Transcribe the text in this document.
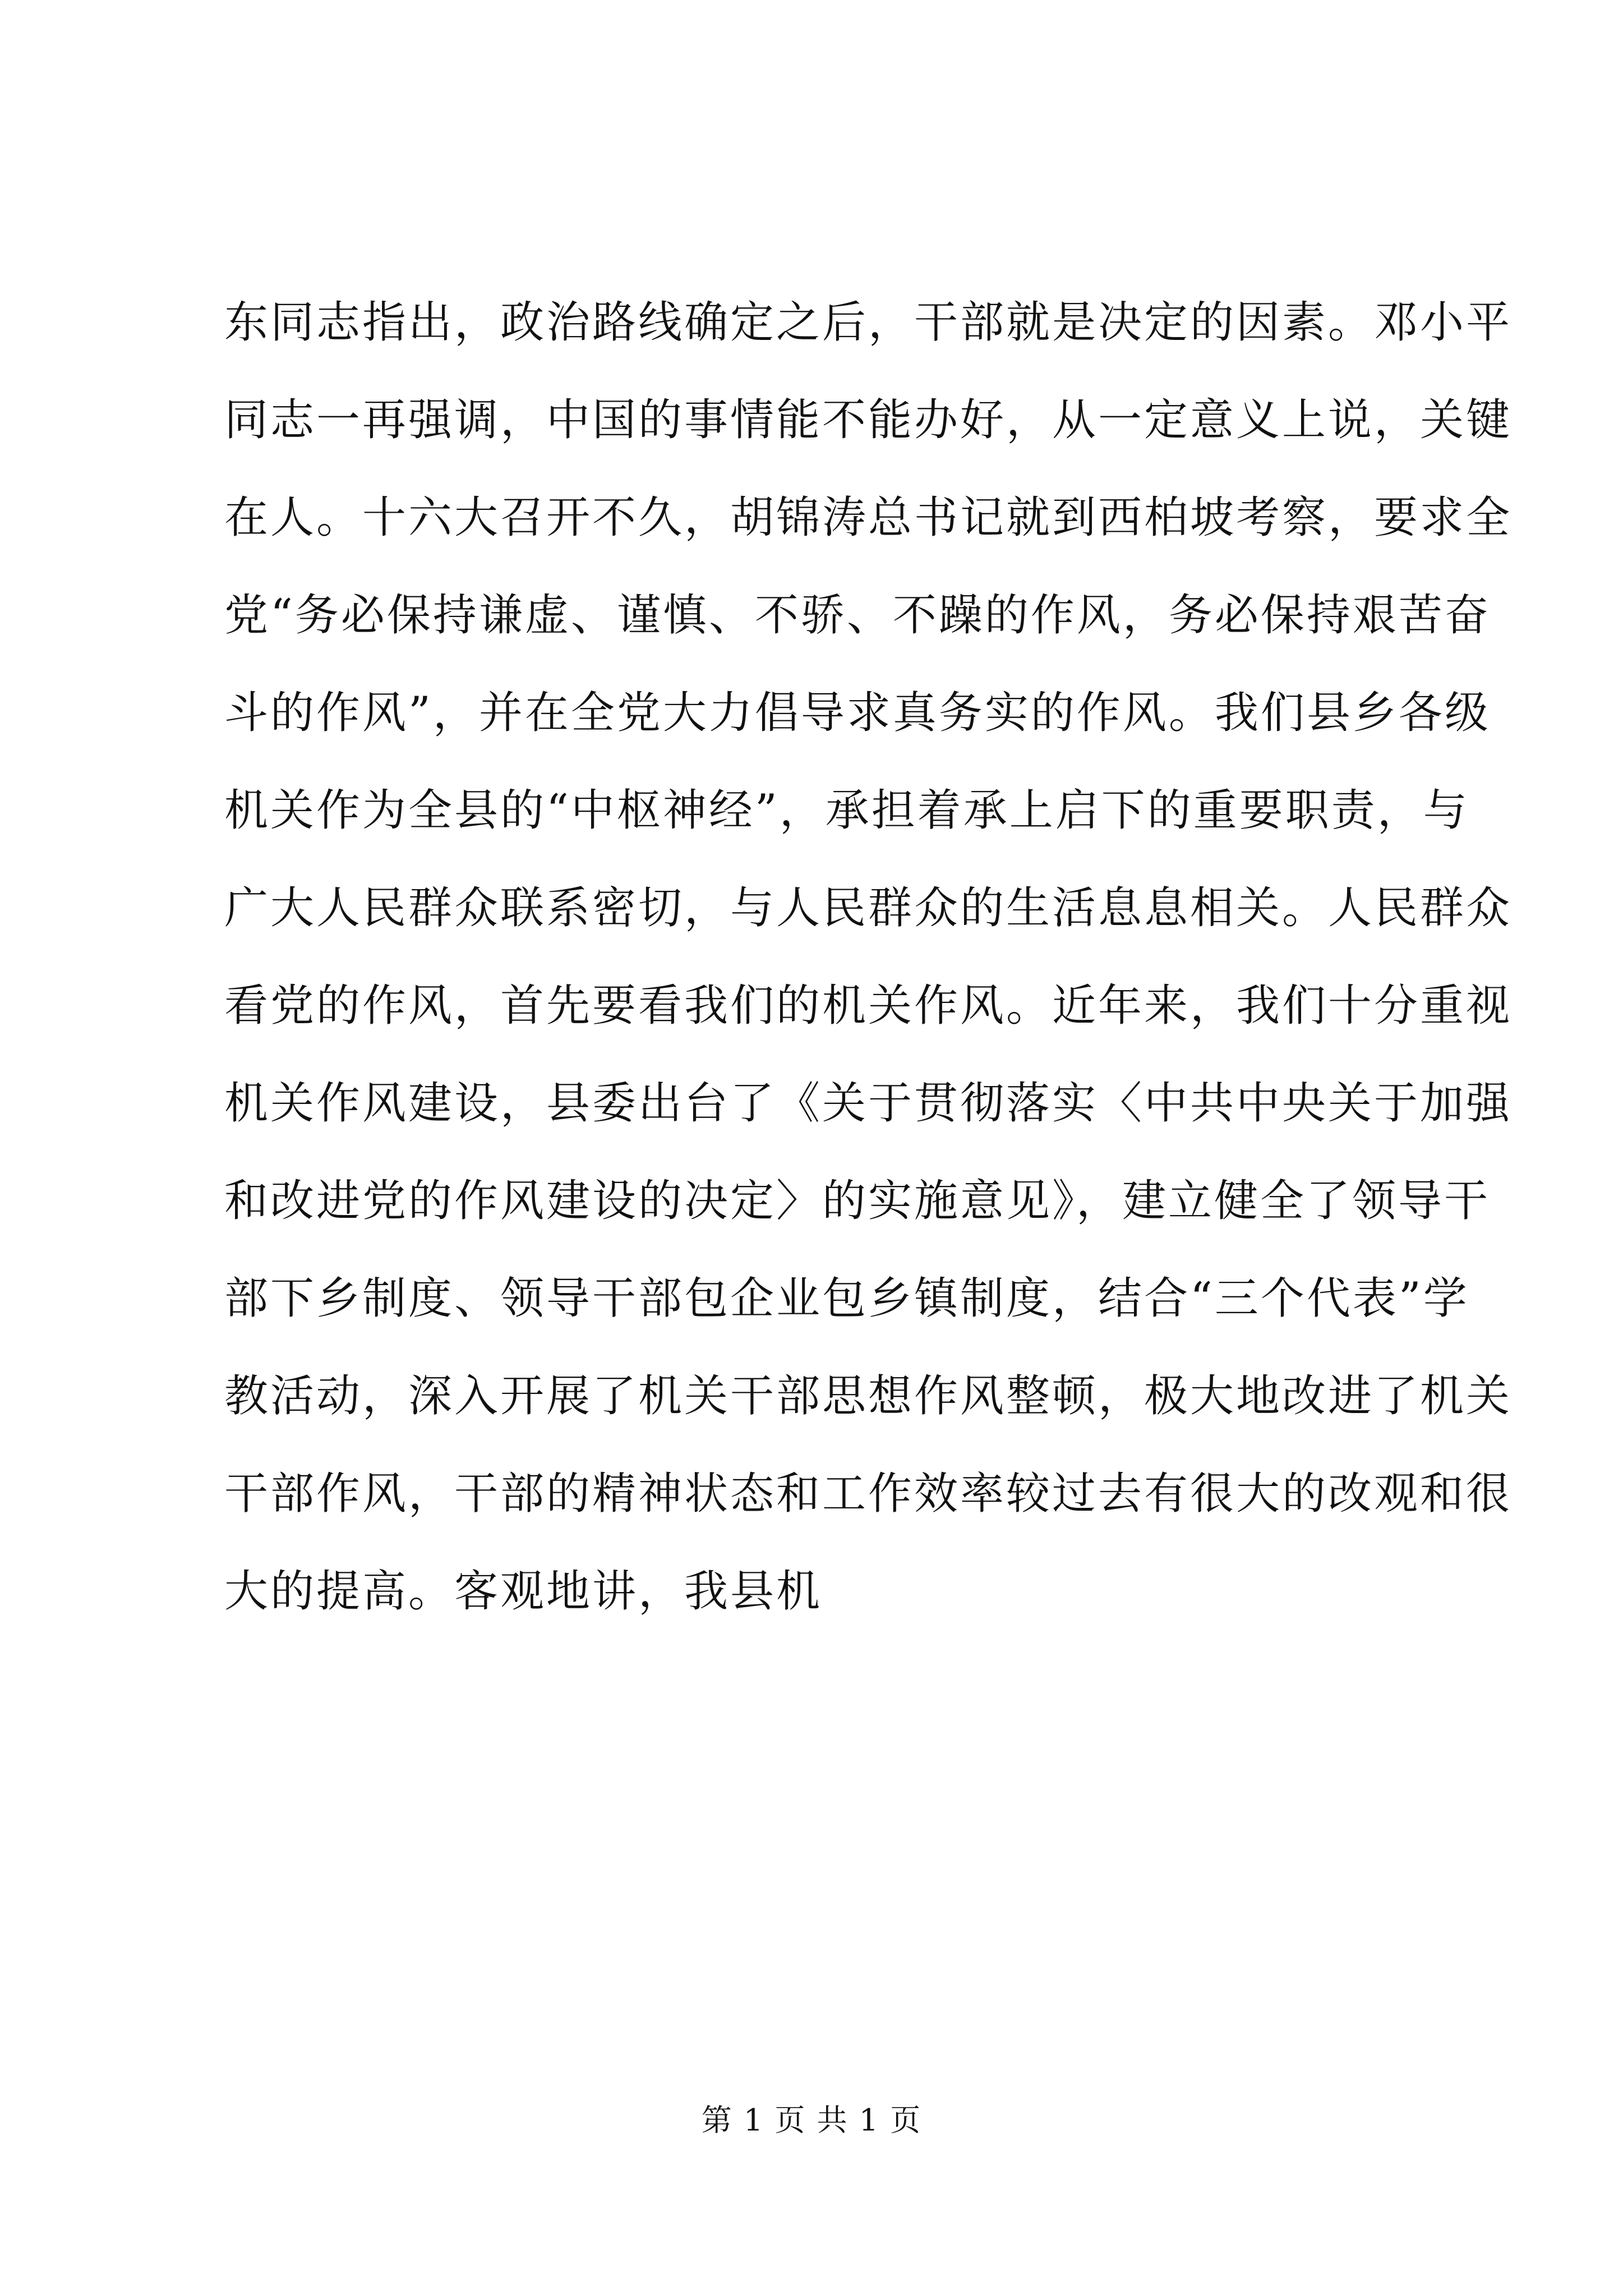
东同志指出，政治路线确定之后，干部就是决定的因素。邓小平
同志一再强调，中国的事情能不能办好，从一定意义上说，关键
在人。十六大召开不久，胡锦涛总书记就到西柏坡考察，要求全
党“务必保持谦虚、谨慎、不骄、不躁的作风，务必保持艰苦奋
斗的作风”，并在全党大力倡导求真务实的作风。我们县乡各级
机关作为全县的“中枢神经”，承担着承上启下的重要职责，与
广大人民群众联系密切，与人民群众的生活息息相关。人民群众
看党的作风，首先要看我们的机关作风。近年来，我们十分重视
机关作风建设，县委出台了《关于贯彻落实〈中共中央关于加强
和改进党的作风建设的决定〉的实施意见》，建立健全了领导干
部下乡制度、领导干部包企业包乡镇制度，结合“三个代表”学
教活动，深入开展了机关干部思想作风整顿，极大地改进了机关
干部作风，干部的精神状态和工作效率较过去有很大的改观和很
大的提高。客观地讲，我县机
第 1 页 共 1 页
